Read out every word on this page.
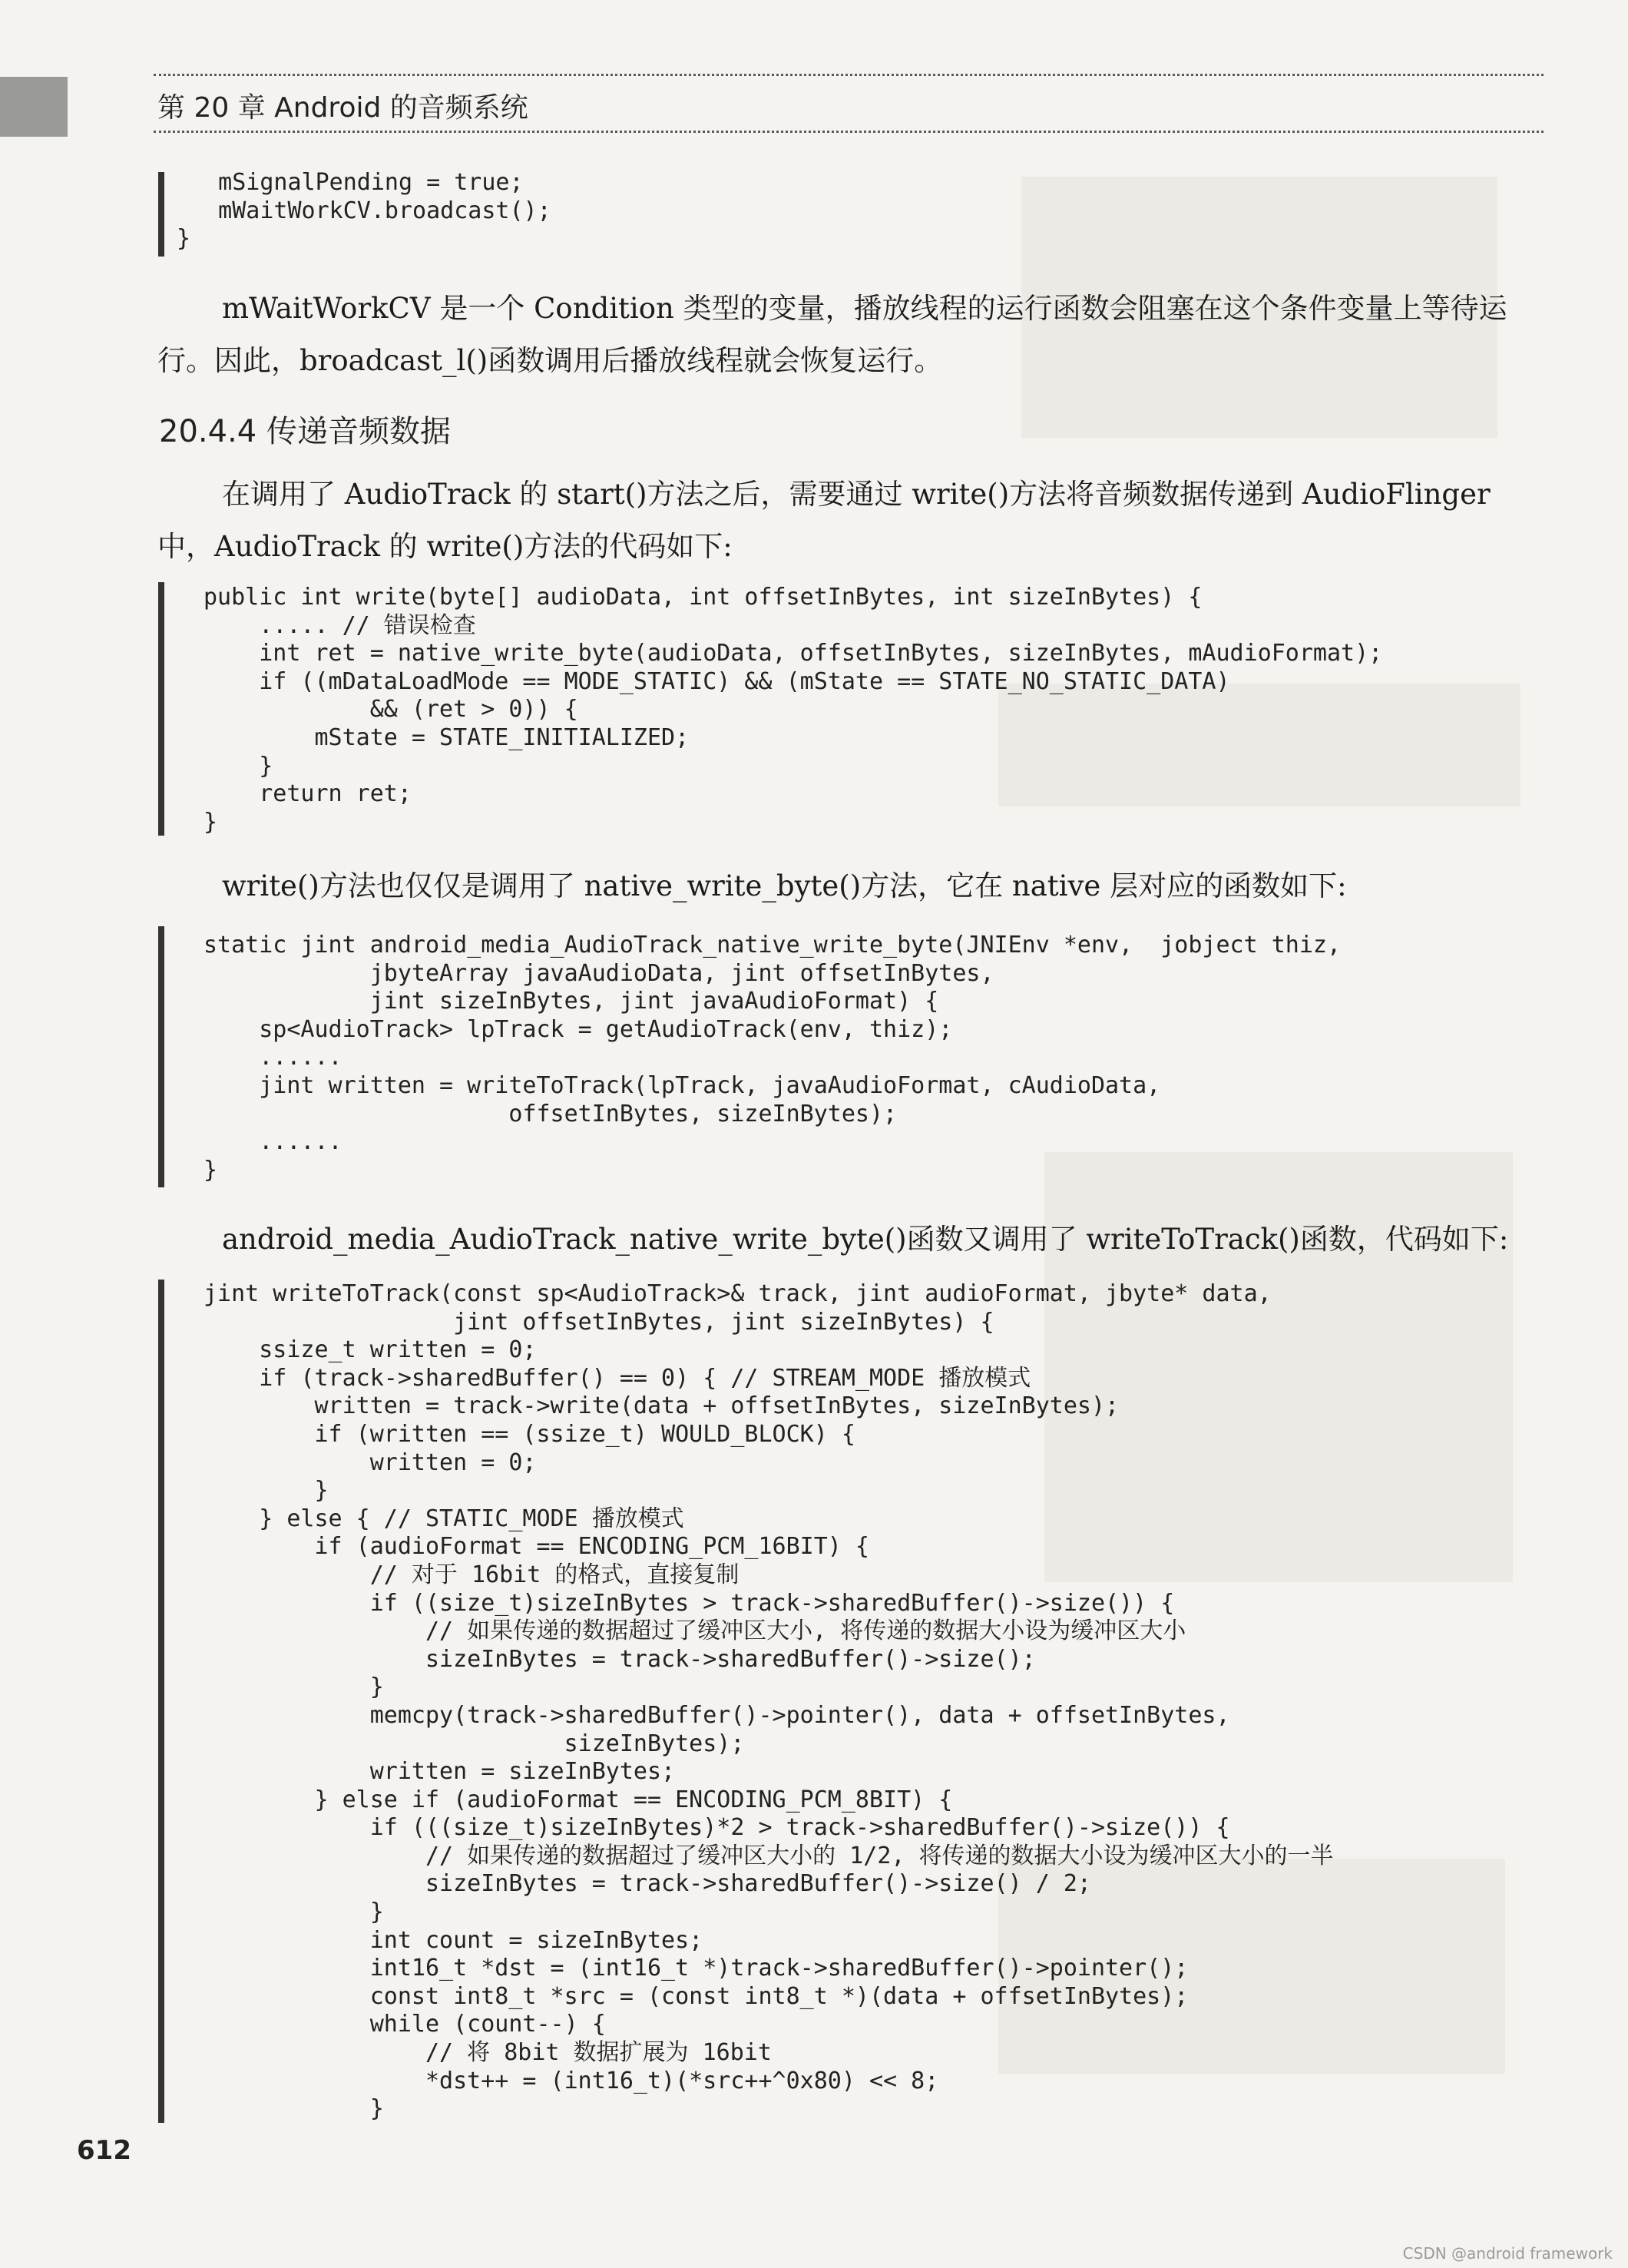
第 20 章 Android 的音频系统
mSignalPending = true;
mWaitWorkCV.broadcast();
}
mWaitWorkCV 是一个 Condition 类型的变量，播放线程的运行函数会阻塞在这个条件变量上等待运行。因此，broadcast_l()函数调用后播放线程就会恢复运行。
20.4.4 传递音频数据
在调用了 AudioTrack 的 start()方法之后，需要通过 write()方法将音频数据传递到 AudioFlinger 中，AudioTrack 的 write()方法的代码如下:
public int write(byte[] audioData, int offsetInBytes, int sizeInBytes) {
..... // 错误检查
int ret = native_write_byte(audioData, offsetInBytes, sizeInBytes, mAudioFormat);
if ((mDataLoadMode == MODE_STATIC) && (mState == STATE_NO_STATIC_DATA)
&& (ret > 0)) {
mState = STATE_INITIALIZED;
}
return ret;
}
write()方法也仅仅是调用了 native_write_byte()方法，它在 native 层对应的函数如下:
static jint android_media_AudioTrack_native_write_byte(JNIEnv *env,  jobject thiz,
jbyteArray javaAudioData, jint offsetInBytes,
jint sizeInBytes, jint javaAudioFormat) {
sp<AudioTrack> lpTrack = getAudioTrack(env, thiz);
......
jint written = writeToTrack(lpTrack, javaAudioFormat, cAudioData,
offsetInBytes, sizeInBytes);
......
}
android_media_AudioTrack_native_write_byte()函数又调用了 writeToTrack()函数，代码如下:
jint writeToTrack(const sp<AudioTrack>& track, jint audioFormat, jbyte* data,
jint offsetInBytes, jint sizeInBytes) {
ssize_t written = 0;
if (track->sharedBuffer() == 0) { // STREAM_MODE 播放模式
written = track->write(data + offsetInBytes, sizeInBytes);
if (written == (ssize_t) WOULD_BLOCK) {
written = 0;
}
} else { // STATIC_MODE 播放模式
if (audioFormat == ENCODING_PCM_16BIT) {
// 对于 16bit 的格式，直接复制
if ((size_t)sizeInBytes > track->sharedBuffer()->size()) {
// 如果传递的数据超过了缓冲区大小, 将传递的数据大小设为缓冲区大小
sizeInBytes = track->sharedBuffer()->size();
}
memcpy(track->sharedBuffer()->pointer(), data + offsetInBytes,
sizeInBytes);
written = sizeInBytes;
} else if (audioFormat == ENCODING_PCM_8BIT) {
if (((size_t)sizeInBytes)*2 > track->sharedBuffer()->size()) {
// 如果传递的数据超过了缓冲区大小的 1/2, 将传递的数据大小设为缓冲区大小的一半
sizeInBytes = track->sharedBuffer()->size() / 2;
}
int count = sizeInBytes;
int16_t *dst = (int16_t *)track->sharedBuffer()->pointer();
const int8_t *src = (const int8_t *)(data + offsetInBytes);
while (count--) {
// 将 8bit 数据扩展为 16bit
*dst++ = (int16_t)(*src++^0x80) << 8;
}
612
CSDN @android framework
